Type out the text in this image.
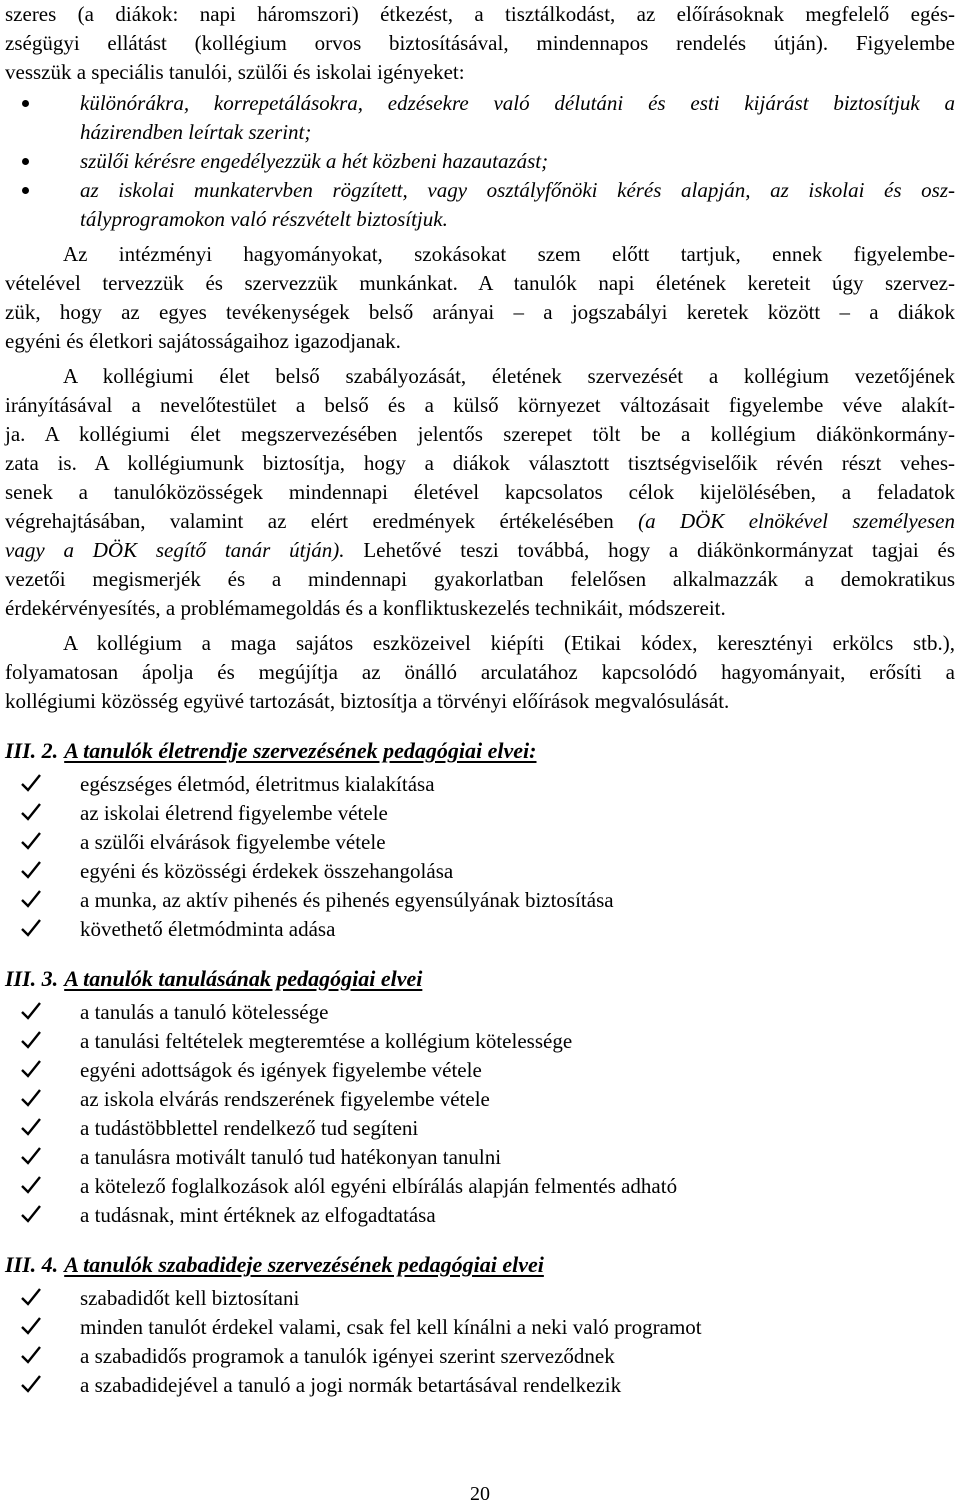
szeres (a diákok: napi háromszori) étkezést, a tisztálkodást, az előírásoknak megfelelő egés-
zségügyi ellátást (kollégium orvos biztosításával, mindennapos rendelés útján). Figyelembe
vesszük a speciális tanulói, szülői és iskolai igényeket:

különórákra, korrepetálásokra, edzésekre való délutáni és esti kijárást biztosítjuk a
házirendben leírtak szerint;
szülői kérésre engedélyezzük a hét közbeni hazautazást;
az iskolai munkatervben rögzített, vagy osztályfőnöki kérés alapján, az iskolai és osz-
tályprogramokon való részvételt biztosítjuk.

Az intézményi hagyományokat, szokásokat szem előtt tartjuk, ennek figyelembe-
vételével tervezzük és szervezzük munkánkat. A tanulók napi életének kereteit úgy szervez-
zük, hogy az egyes tevékenységek belső arányai – a jogszabályi keretek között – a diákok
egyéni és életkori sajátosságaihoz igazodjanak.

A kollégiumi élet belső szabályozását, életének szervezését a kollégium vezetőjének
irányításával a nevelőtestület a belső és a külső környezet változásait figyelembe véve alakít-
ja. A kollégiumi élet megszervezésében jelentős szerepet tölt be a kollégium diákönkormány-
zata is. A kollégiumunk biztosítja, hogy a diákok választott tisztségviselőik révén részt vehes-
senek a tanulóközösségek mindennapi életével kapcsolatos célok kijelölésében, a feladatok
végrehajtásában, valamint az elért eredmények értékelésében (a DÖK elnökével személyesen
vagy a DÖK segítő tanár útján). Lehetővé teszi továbbá, hogy a diákönkormányzat tagjai és
vezetői megismerjék és a mindennapi gyakorlatban felelősen alkalmazzák a demokratikus
érdekérvényesítés, a problémamegoldás és a konfliktuskezelés technikáit, módszereit.

A kollégium a maga sajátos eszközeivel kiépíti (Etikai kódex, keresztényi erkölcs stb.),
folyamatosan ápolja és megújítja az önálló arculatához kapcsolódó hagyományait, erősíti a
kollégiumi közösség együvé tartozását, biztosítja a törvényi előírások megvalósulását.

III. 2. A tanulók életrendje szervezésének pedagógiai elvei:
egészséges életmód, életritmus kialakítása
az iskolai életrend figyelembe vétele
a szülői elvárások figyelembe vétele
egyéni és közösségi érdekek összehangolása
a munka, az aktív pihenés és pihenés egyensúlyának biztosítása
követhető életmódminta adása
III. 3. A tanulók tanulásának pedagógiai elvei
a tanulás a tanuló kötelessége
a tanulási feltételek megteremtése a kollégium kötelessége
egyéni adottságok és igények figyelembe vétele
az iskola elvárás rendszerének figyelembe vétele
a tudástöbblettel rendelkező tud segíteni
a tanulásra motivált tanuló tud hatékonyan tanulni
a kötelező foglalkozások alól egyéni elbírálás alapján felmentés adható
a tudásnak, mint értéknek az elfogadtatása
III. 4. A tanulók szabadideje szervezésének pedagógiai elvei
szabadidőt kell biztosítani
minden tanulót érdekel valami, csak fel kell kínálni a neki való programot
a szabadidős programok a tanulók igényei szerint szerveződnek
a szabadidejével a tanuló a jogi normák betartásával rendelkezik
20
